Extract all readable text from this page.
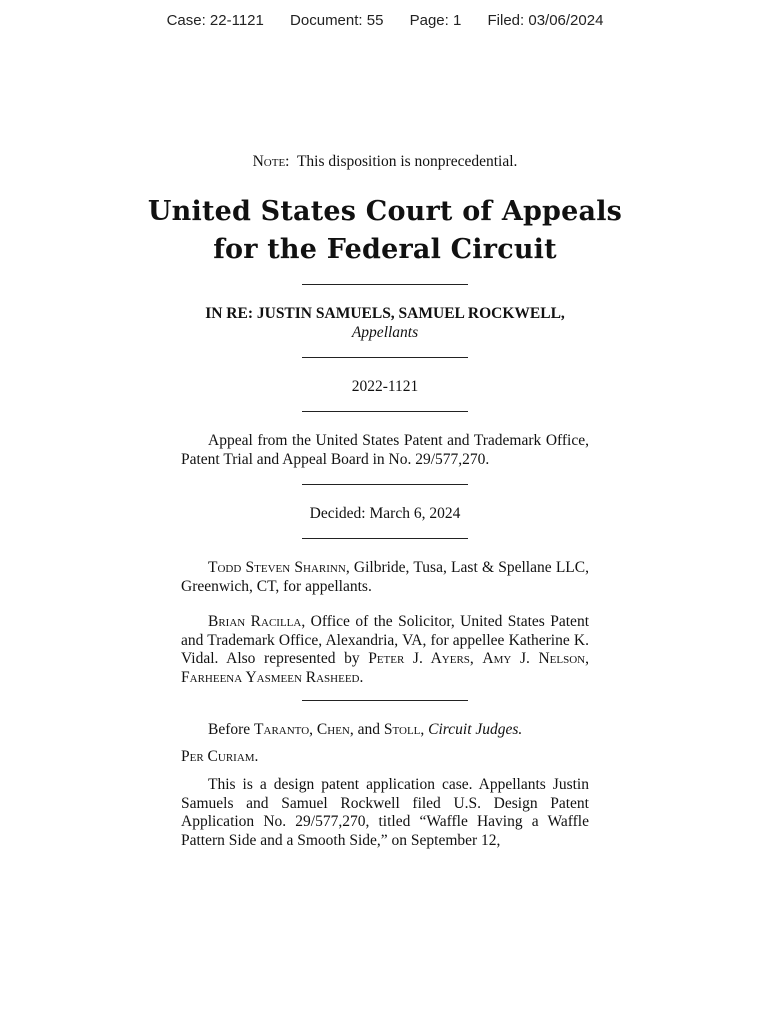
Case: 22-1121 Document: 55 Page: 1 Filed: 03/06/2024
Note: This disposition is nonprecedential.
United States Court of Appeals
for the Federal Circuit
IN RE: JUSTIN SAMUELS, SAMUEL ROCKWELL,
Appellants
2022-1121
Appeal from the United States Patent and Trademark Office, Patent Trial and Appeal Board in No. 29/577,270.
Decided: March 6, 2024
Todd Steven Sharinn, Gilbride, Tusa, Last & Spellane LLC, Greenwich, CT, for appellants.
Brian Racilla, Office of the Solicitor, United States Patent and Trademark Office, Alexandria, VA, for appellee Katherine K. Vidal. Also represented by Peter J. Ayers, Amy J. Nelson, Farheena Yasmeen Rasheed.
Before Taranto, Chen, and Stoll, Circuit Judges.
Per Curiam.
This is a design patent application case. Appellants Justin Samuels and Samuel Rockwell filed U.S. Design Patent Application No. 29/577,270, titled “Waffle Having a Waffle Pattern Side and a Smooth Side,” on September 12,
